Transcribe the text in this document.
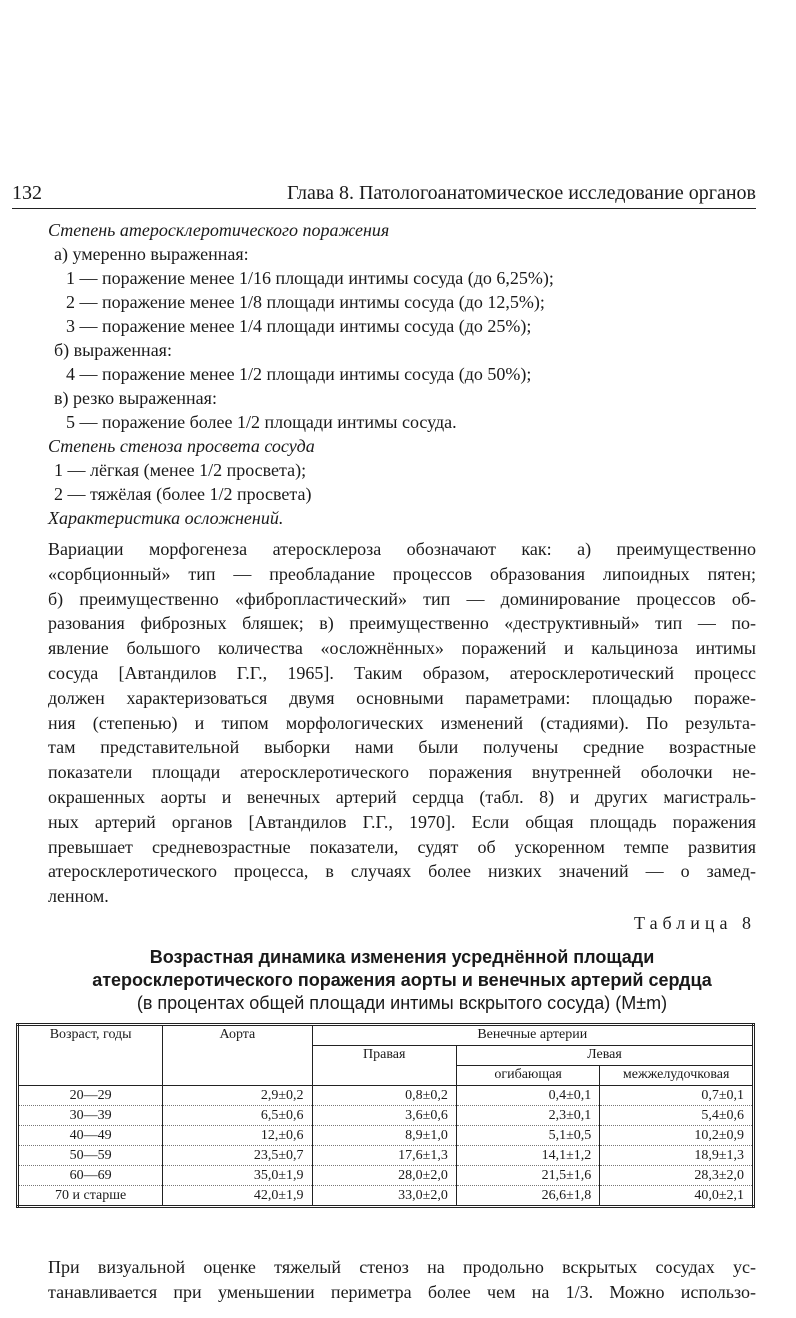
132	Глава 8. Патологоанатомическое исследование органов
Степень атеросклеротического поражения
а) умеренно выраженная:
1 — поражение менее 1/16 площади интимы сосуда (до 6,25%);
2 — поражение менее 1/8 площади интимы сосуда (до 12,5%);
3 — поражение менее 1/4 площади интимы сосуда (до 25%);
б) выраженная:
4 — поражение менее 1/2 площади интимы сосуда (до 50%);
в) резко выраженная:
5 — поражение более 1/2 площади интимы сосуда.
Степень стеноза просвета сосуда
1 — лёгкая (менее 1/2 просвета);
2 — тяжёлая (более 1/2 просвета)
Характеристика осложнений.
Вариации морфогенеза атеросклероза обозначают как: а) преимущественно
«сорбционный» тип — преобладание процессов образования липоидных пятен;
б) преимущественно «фибропластический» тип — доминирование процессов об-
разования фиброзных бляшек; в) преимущественно «деструктивный» тип — по-
явление большого количества «осложнённых» поражений и кальциноза интимы
сосуда [Автандилов Г.Г., 1965]. Таким образом, атеросклеротический процесс
должен характеризоваться двумя основными параметрами: площадью пораже-
ния (степенью) и типом морфологических изменений (стадиями). По результа-
там представительной выборки нами были получены средние возрастные
показатели площади атеросклеротического поражения внутренней оболочки не-
окрашенных аорты и венечных артерий сердца (табл. 8) и других магистраль-
ных артерий органов [Автандилов Г.Г., 1970]. Если общая площадь поражения
превышает средневозрастные показатели, судят об ускоренном темпе развития
атеросклеротического процесса, в случаях более низких значений — о замед-
ленном.
Таблица 8
Возрастная динамика изменения усреднённой площади
атеросклеротического поражения аорты и венечных артерий сердца
(в процентах общей площади интимы вскрытого сосуда) (M±m)
Возраст, годы	Аорта	Венечные артерии		
		Правая	Левая	
			огибающая	межжелудочковая
20—29	2,9±0,2	0,8±0,2	0,4±0,1	0,7±0,1
30—39	6,5±0,6	3,6±0,6	2,3±0,1	5,4±0,6
40—49	12,±0,6	8,9±1,0	5,1±0,5	10,2±0,9
50—59	23,5±0,7	17,6±1,3	14,1±1,2	18,9±1,3
60—69	35,0±1,9	28,0±2,0	21,5±1,6	28,3±2,0
70 и старше	42,0±1,9	33,0±2,0	26,6±1,8	40,0±2,1
При визуальной оценке тяжелый стеноз на продольно вскрытых сосудах ус-
танавливается при уменьшении периметра более чем на 1/3. Можно использо-
